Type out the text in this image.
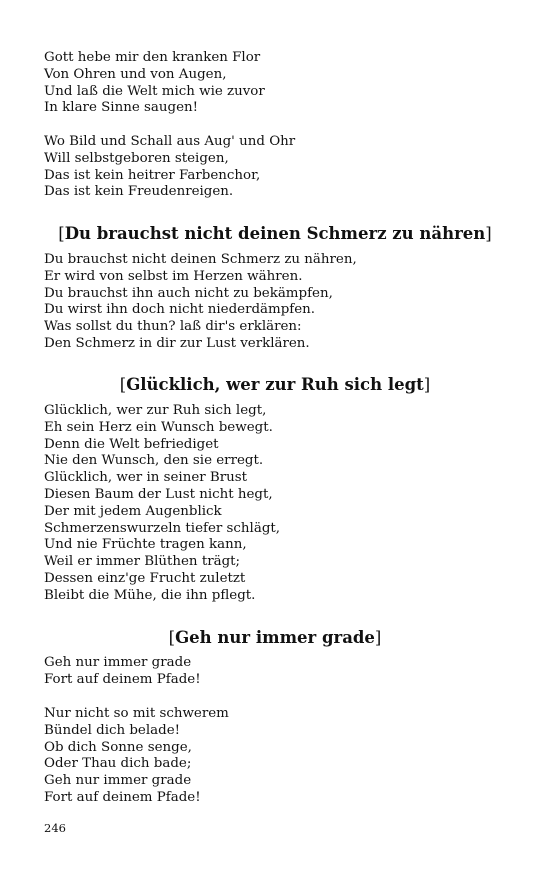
Gott hebe mir den kranken Flor
Von Ohren und von Augen,
Und laß die Welt mich wie zuvor
In klare Sinne saugen!
Wo Bild und Schall aus Aug' und Ohr
Will selbstgeboren steigen,
Das ist kein heitrer Farbenchor,
Das ist kein Freudenreigen.
[Du brauchst nicht deinen Schmerz zu nähren]
Du brauchst nicht deinen Schmerz zu nähren,
Er wird von selbst im Herzen währen.
Du brauchst ihn auch nicht zu bekämpfen,
Du wirst ihn doch nicht niederdämpfen.
Was sollst du thun? laß dir's erklären:
Den Schmerz in dir zur Lust verklären.
[Glücklich, wer zur Ruh sich legt]
Glücklich, wer zur Ruh sich legt,
Eh sein Herz ein Wunsch bewegt.
Denn die Welt befriediget
Nie den Wunsch, den sie erregt.
Glücklich, wer in seiner Brust
Diesen Baum der Lust nicht hegt,
Der mit jedem Augenblick
Schmerzenswurzeln tiefer schlägt,
Und nie Früchte tragen kann,
Weil er immer Blüthen trägt;
Dessen einz'ge Frucht zuletzt
Bleibt die Mühe, die ihn pflegt.
[Geh nur immer grade]
Geh nur immer grade
Fort auf deinem Pfade!
Nur nicht so mit schwerem
Bündel dich belade!
Ob dich Sonne senge,
Oder Thau dich bade;
Geh nur immer grade
Fort auf deinem Pfade!
246
